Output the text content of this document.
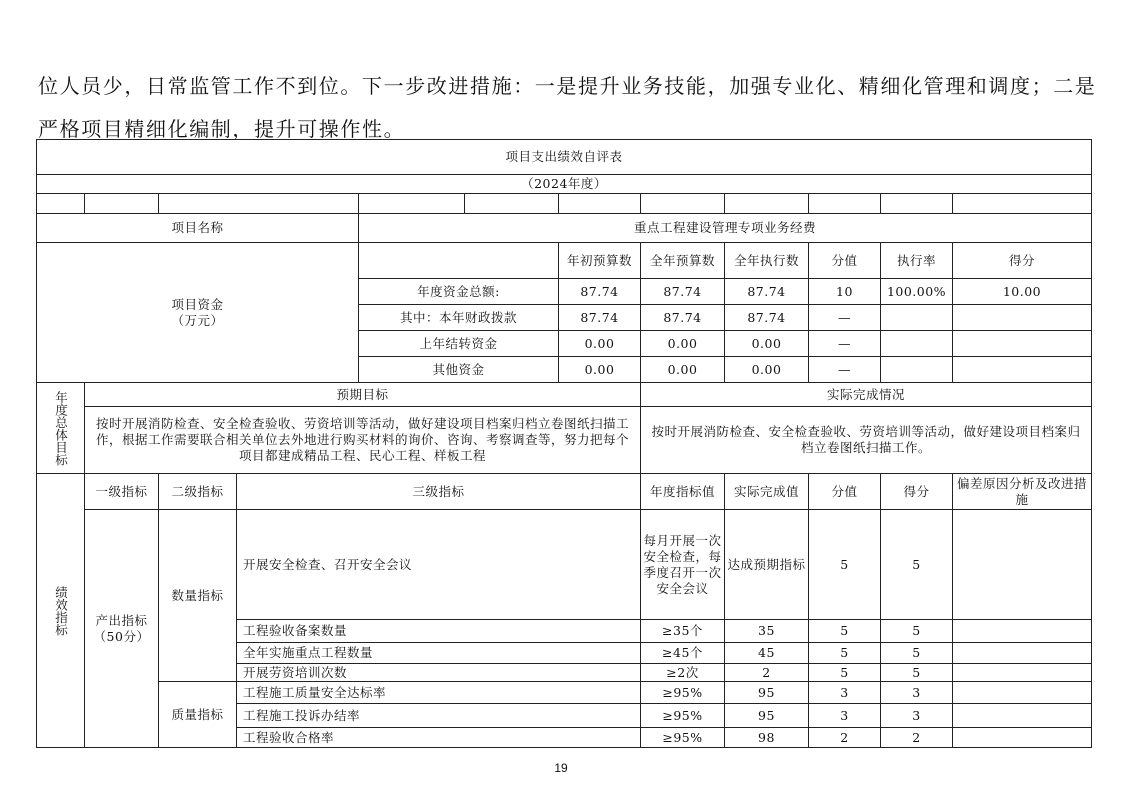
位人员少，日常监管工作不到位。下一步改进措施：一是提升业务技能，加强专业化、精细化管理和调度；二是
严格项目精细化编制，提升可操作性。
项目支出绩效自评表											
（2024年度）											

项目名称				重点工程建设管理专项业务经费							
项目资金
（万元）						年初预算数	全年预算数	全年执行数	分值	执行率	得分
				年度资金总额:		87.74	87.74	87.74	10	100.00%	10.00
				其中：本年财政拨款		87.74	87.74	87.74	—		
				上年结转资金		0.00	0.00	0.00	—		
				其他资金		0.00	0.00	0.00	—		
年度总体目标	预期目标						实际完成情况				
	按时开展消防检查、安全检查验收、劳资培训等活动，做好建设项目档案归档立卷图纸扫描工作，根据工作需要联合相关单位去外地进行购买材料的询价、咨询、考察调查等，努力把每个项目都建成精品工程、民心工程、样板工程						按时开展消防检查、安全检查验收、劳资培训等活动，做好建设项目档案归档立卷图纸扫描工作。				
绩效指标	一级指标	二级指标	三级指标				年度指标值	实际完成值	分值	得分	偏差原因分析及改进措施
	产出指标
（50分）	数量指标	开展安全检查、召开安全会议				每月开展一次安全检查，每季度召开一次安全会议	达成预期指标	5	5	
			工程验收备案数量				≥35个	35	5	5	
			全年实施重点工程数量				≥45个	45	5	5	
			开展劳资培训次数				≥2次	2	5	5	
		质量指标	工程施工质量安全达标率				≥95%	95	3	3	
			工程施工投诉办结率				≥95%	95	3	3	
			工程验收合格率				≥95%	98	2	2	
19
